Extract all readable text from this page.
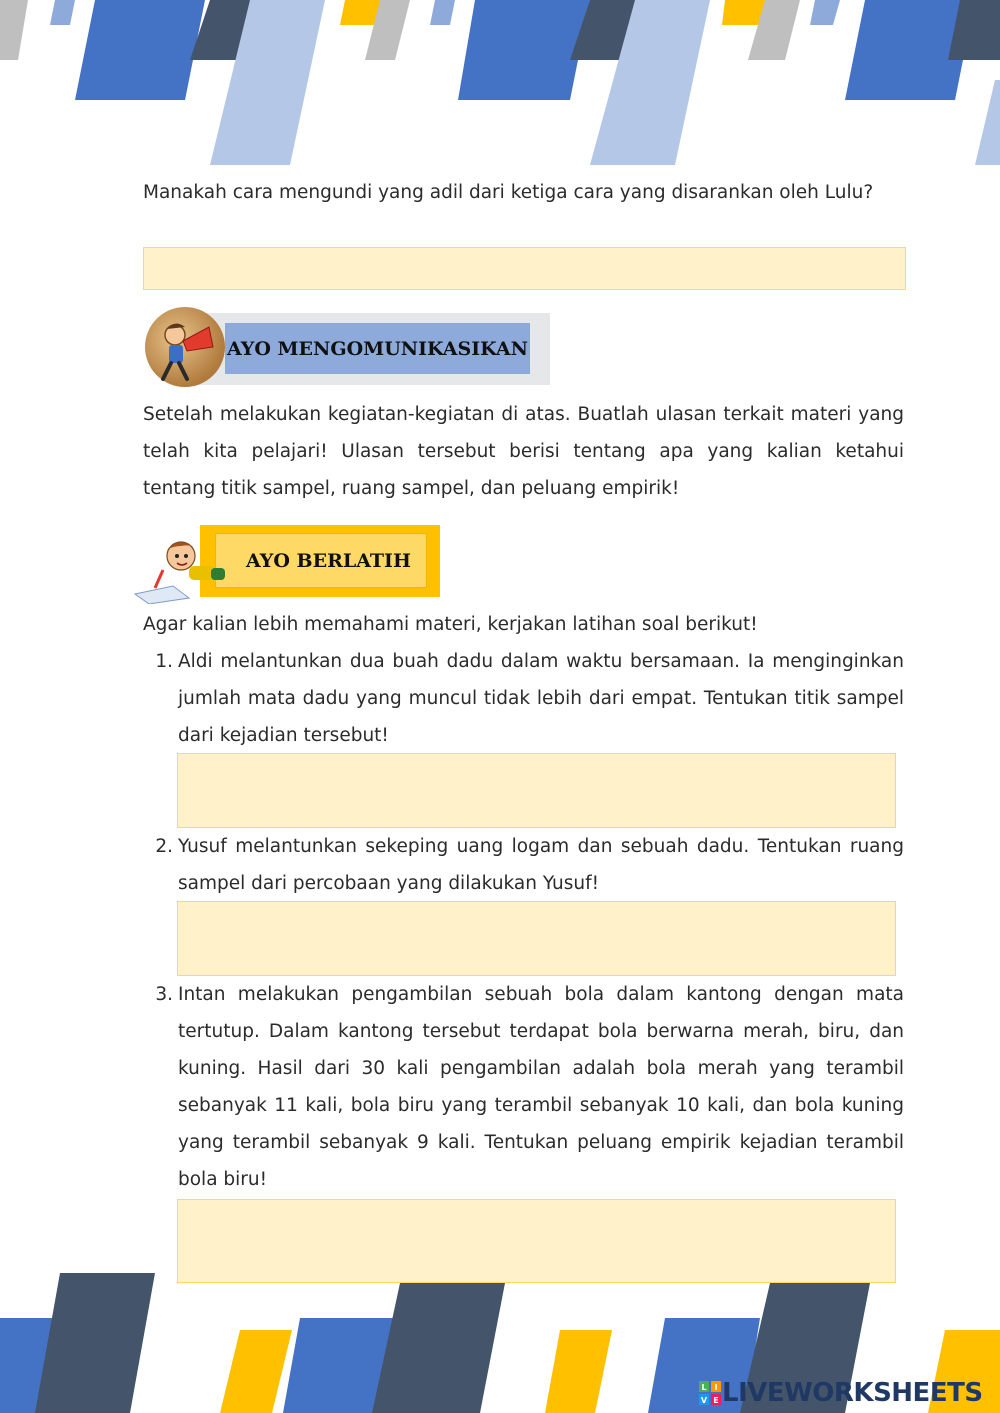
Manakah cara mengundi yang adil dari ketiga cara yang disarankan oleh Lulu?

AYO MENGOMUNIKASIKAN

Setelah melakukan kegiatan-kegiatan di atas. Buatlah ulasan terkait materi yang telah kita pelajari! Ulasan tersebut berisi tentang apa yang kalian ketahui tentang titik sampel, ruang sampel, dan peluang empirik!

AYO BERLATIH

Agar kalian lebih memahami materi, kerjakan latihan soal berikut!

1. Aldi melantunkan dua buah dadu dalam waktu bersamaan. Ia menginginkan jumlah mata dadu yang muncul tidak lebih dari empat. Tentukan titik sampel dari kejadian tersebut!

2. Yusuf melantunkan sekeping uang logam dan sebuah dadu. Tentukan ruang sampel dari percobaan yang dilakukan Yusuf!

3. Intan melakukan pengambilan sebuah bola dalam kantong dengan mata tertutup. Dalam kantong tersebut terdapat bola berwarna merah, biru, dan kuning. Hasil dari 30 kali pengambilan adalah bola merah yang terambil sebanyak 11 kali, bola biru yang terambil sebanyak 10 kali, dan bola kuning yang terambil sebanyak 9 kali. Tentukan peluang empirik kejadian terambil bola biru!

L I
V E LIVEWORKSHEETS
